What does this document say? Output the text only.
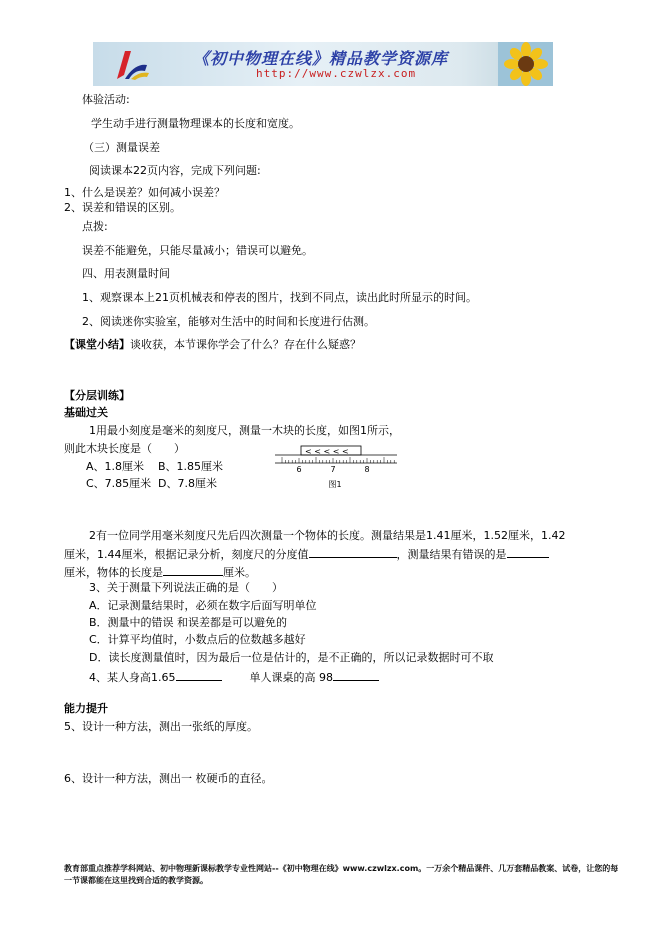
《初中物理在线》精品教学资源库
http://www.czwlzx.com
体验活动:
学生动手进行测量物理课本的长度和宽度。
（三）测量误差
阅读课本22页内容，完成下列问题:
1、什么是误差？如何减小误差？
2、误差和错误的区别。
点拨:
误差不能避免，只能尽量减小；错误可以避免。
四、用表测量时间
1、观察课本上21页机械表和停表的图片，找到不同点，读出此时所显示的时间。
2、阅读迷你实验室，能够对生活中的时间和长度进行估测。
【课堂小结】谈收获，本节课你学会了什么？存在什么疑惑？
【分层训练】
基础过关
1用最小刻度是毫米的刻度尺，测量一木块的长度，如图1所示，
则此木块长度是（　　）
A、1.8厘米 B、1.85厘米
C、7.85厘米 D、7.8厘米
< < < < <
6	7	8
图1
2有一位同学用毫米刻度尺先后四次测量一个物体的长度。测量结果是1.41厘米，1.52厘米，1.42
厘米，1.44厘米，根据记录分析，刻度尺的分度值	，测量结果有错误的是
厘米，物体的长度是	厘米。
3、关于测量下列说法正确的是（　　）
A．记录测量结果时，必须在数字后面写明单位
B．测量中的错误 和误差都是可以避免的
C．计算平均值时，小数点后的位数越多越好
D．读长度测量值时，因为最后一位是估计的，是不正确的，所以记录数据时可不取
4、某人身高1.65	单人课桌的高 98
能力提升
5、设计一种方法，测出一张纸的厚度。
6、设计一种方法，测出一 枚硬币的直径。
教育部重点推荐学科网站、初中物理新课标教学专业性网站--《初中物理在线》www.czwlzx.com。一万余个精品课件、几万套精品教案、试卷，让您的每一节课都能在这里找到合适的教学资源。
